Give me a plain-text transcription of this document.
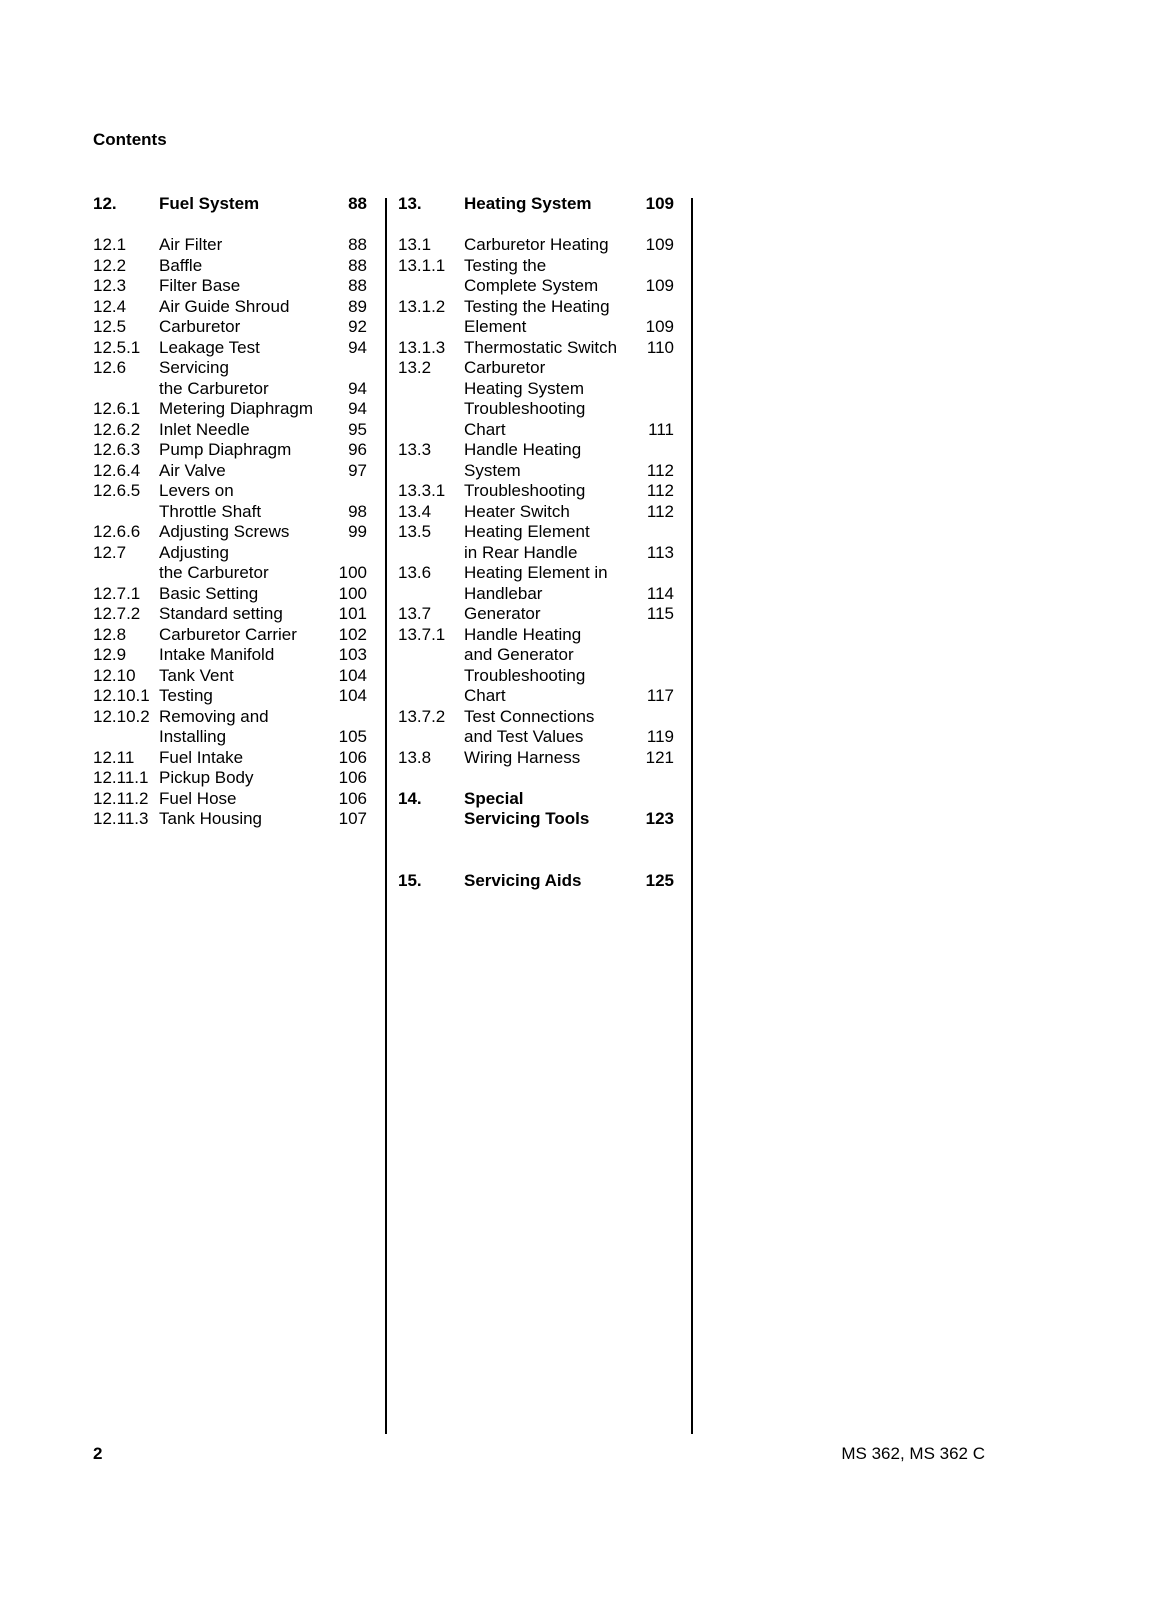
Contents
12. Fuel System	88
12.1 Air Filter	88
12.2 Baffle	88
12.3 Filter Base	88
12.4 Air Guide Shroud	89
12.5 Carburetor	92
12.5.1 Leakage Test	94
12.6 Servicing
the Carburetor	94
12.6.1 Metering Diaphragm 94
12.6.2 Inlet Needle	95
12.6.3 Pump Diaphragm	96
12.6.4 Air Valve	97
12.6.5 Levers on
Throttle Shaft	98
12.6.6 Adjusting Screws	99
12.7 Adjusting
the Carburetor	100
12.7.1 Basic Setting	100
12.7.2 Standard setting	101
12.8 Carburetor Carrier 102
12.9 Intake Manifold	103
12.10 Tank Vent	104
12.10.1 Testing	104
12.10.2 Removing and
Installing	105
12.11 Fuel Intake	106
12.11.1 Pickup Body	106
12.11.2 Fuel Hose	106
12.11.3 Tank Housing	107
13. Heating System	109
13.1 Carburetor Heating 109
13.1.1 Testing the
Complete System	109
13.1.2 Testing the Heating
Element	109
13.1.3 Thermostatic Switch 110
13.2 Carburetor
Heating System
Troubleshooting
Chart	111
13.3 Handle Heating
System	112
13.3.1 Troubleshooting	112
13.4 Heater Switch	112
13.5 Heating Element
in Rear Handle	113
13.6 Heating Element in
Handlebar	114
13.7 Generator	115
13.7.1 Handle Heating
and Generator
Troubleshooting
Chart	117
13.7.2 Test Connections
and Test Values	119
13.8 Wiring Harness	121
14. Special
Servicing Tools	123
15. Servicing Aids	125
2	MS 362, MS 362 C
